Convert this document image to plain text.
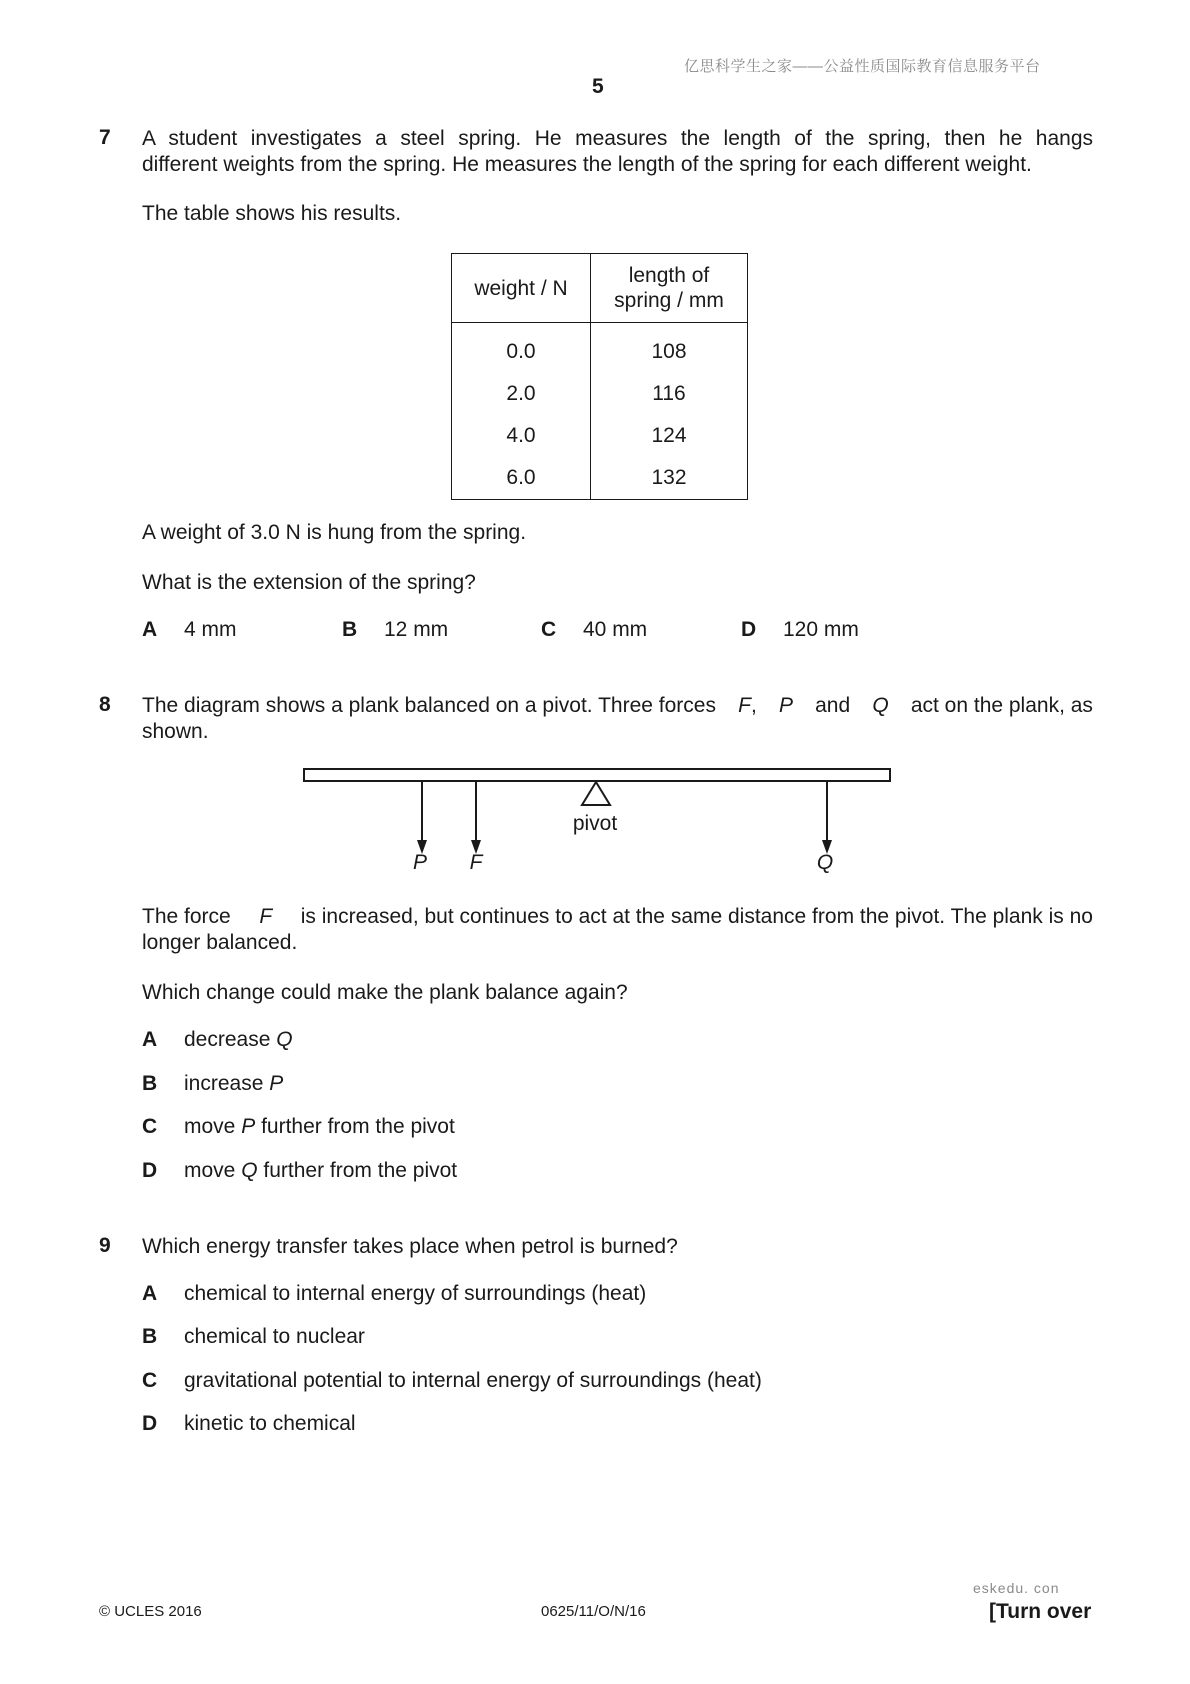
亿思科学生之家——公益性质国际教育信息服务平台
5
7 A student investigates a steel spring. He measures the length of the spring, then he hangs
different weights from the spring. He measures the length of the spring for each different weight.
The table shows his results.
weight / N	length of
spring / mm
0.0	108
2.0	116
4.0	124
6.0	132
A weight of 3.0 N is hung from the spring.
What is the extension of the spring?
A 4 mm	B 12 mm	C 40 mm	D 120 mm
8 The diagram shows a plank balanced on a pivot. Three forces F, P and Q act on the plank, as
shown.
pivot
P F	Q
The force F is increased, but continues to act at the same distance from the pivot. The plank is no
longer balanced.
Which change could make the plank balance again?
A decrease Q
B increase P
C move P further from the pivot
D move Q further from the pivot
9 Which energy transfer takes place when petrol is burned?
A chemical to internal energy of surroundings (heat)
B chemical to nuclear
C gravitational potential to internal energy of surroundings (heat)
D kinetic to chemical
© UCLES 2016	0625/11/O/N/16
eskedu. con
[Turn over
